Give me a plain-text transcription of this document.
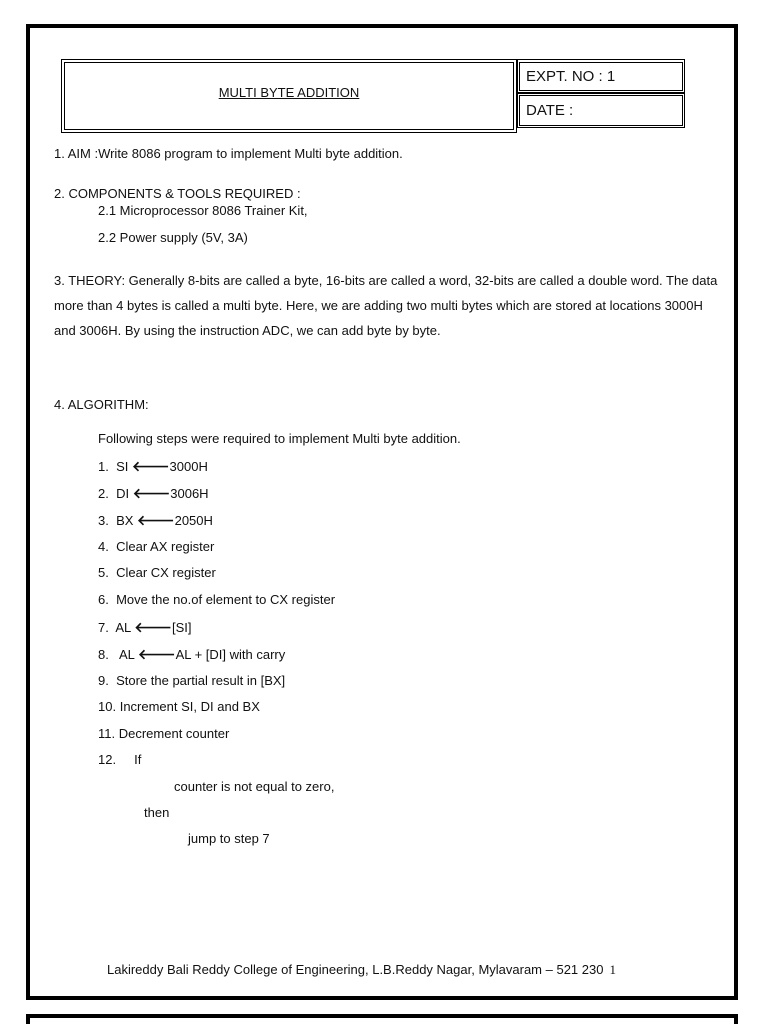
MULTI BYTE ADDITION
EXPT. NO : 1
DATE :
1. AIM :Write 8086 program to implement Multi byte addition.
2. COMPONENTS & TOOLS REQUIRED :
2.1 Microprocessor 8086 Trainer Kit,
2.2 Power supply (5V, 3A)
3. THEORY: Generally 8-bits are called a byte, 16-bits are called a word, 32-bits are called a double word. The data more than 4 bytes is called a multi byte. Here, we are adding two multi bytes which are stored at locations 3000H and 3006H. By using the instruction ADC, we can add byte by byte.
4. ALGORITHM:
Following steps were required to implement Multi byte addition.
1. SI 🡐3000H
2. DI 🡐3006H
3. BX 🡐2050H
4. Clear AX register
5. Clear CX register
6. Move the no.of element to CX register
7. AL 🡐[SI]
8. AL 🡐AL + [DI] with carry
9. Store the partial result in [BX]
10. Increment SI, DI and BX
11. Decrement counter
12. If
counter is not equal to zero,
then
jump to step 7
Lakireddy Bali Reddy College of Engineering, L.B.Reddy Nagar, Mylavaram – 521 230 1
